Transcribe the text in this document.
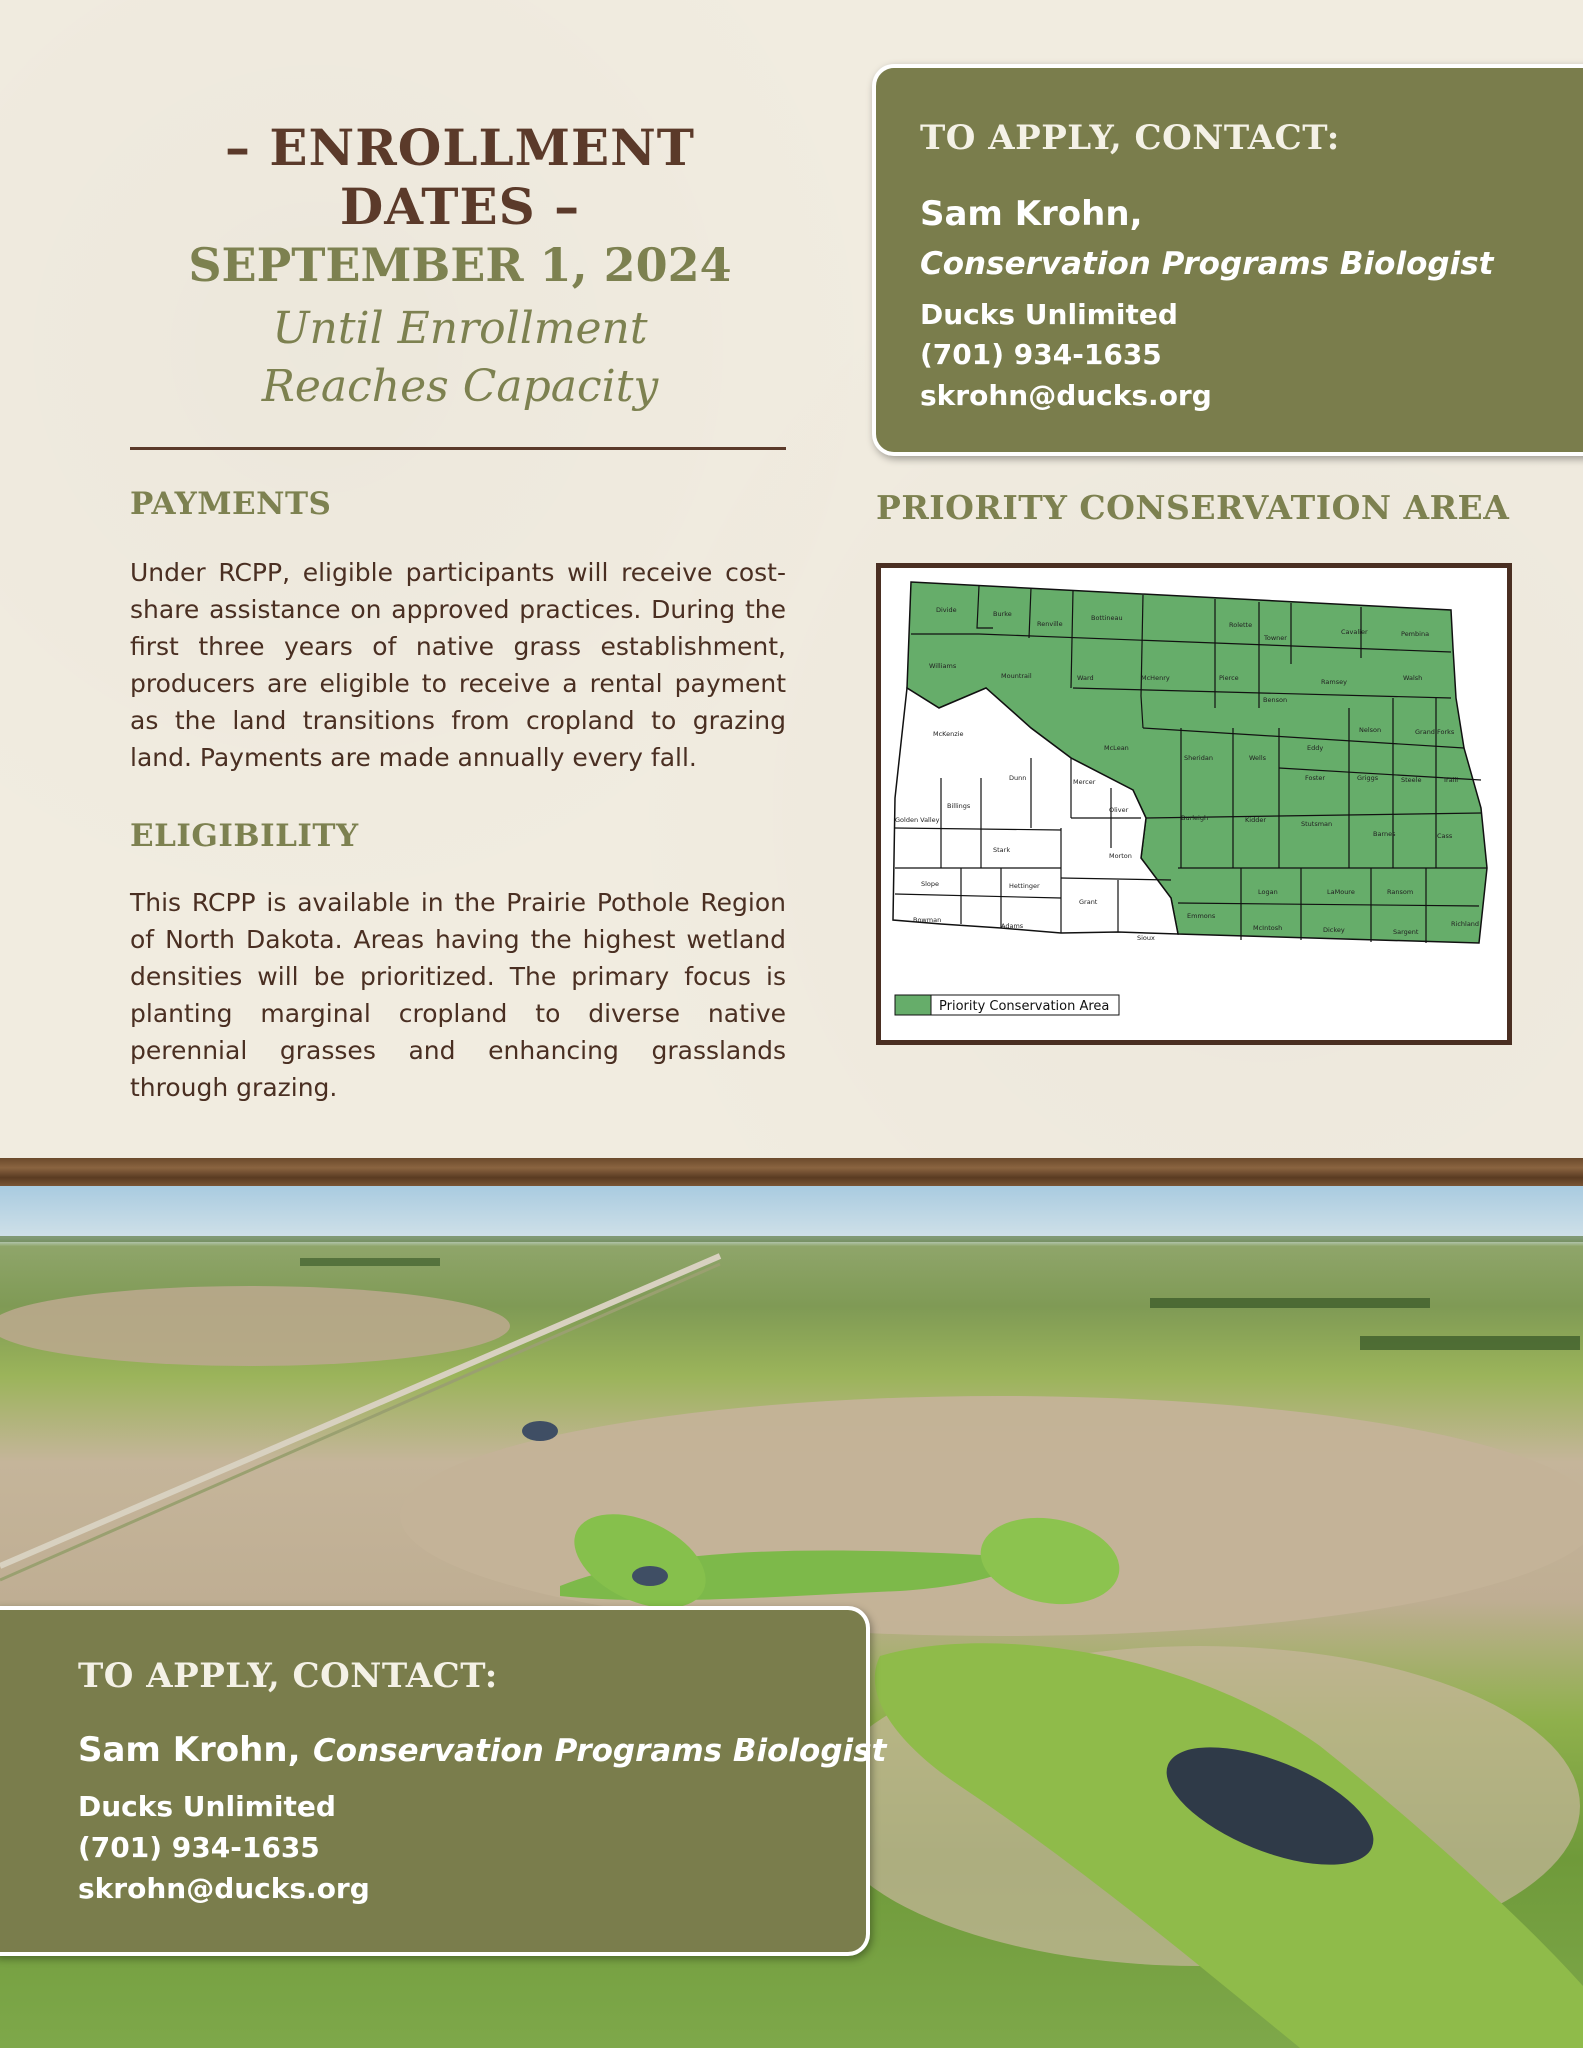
– ENROLLMENT DATES –
SEPTEMBER 1, 2024
Until Enrollment
Reaches Capacity
PAYMENTS
Under RCPP, eligible participants will receive cost-share assistance on approved practices. During the first three years of native grass establishment, producers are eligible to receive a rental payment as the land transitions from cropland to grazing land. Payments are made annually every fall.
ELIGIBILITY
This RCPP is available in the Prairie Pothole Region of North Dakota. Areas having the highest wetland densities will be prioritized. The primary focus is planting marginal cropland to diverse native perennial grasses and enhancing grasslands through grazing.
TO APPLY, CONTACT:
Sam Krohn,
Conservation Programs Biologist
Ducks Unlimited
(701) 934-1635
skrohn@ducks.org
PRIORITY CONSERVATION AREA
Divide	Burke
Renville
Bottineau
Rolette
Towner
Cavalier	Pembina
Williams
Mountrail	Ward	McHenry	Pierce
Benson
Ramsey	Walsh
McKenzie
McLean
Sheridan	Wells
Eddy
Nelson	Grand Forks
Foster	Griggs	Steele	Traill
Dunn	Mercer
Oliver
Billings
Golden Valley	Burleigh	Kidder	Stutsman
Barnes	Cass
Stark
Morton
Slope	Hettinger
Grant
Emmons
Logan	LaMoure	Ransom
Richland
Bowman
Adams
Sioux
McIntosh	Dickey	Sargent
Priority Conservation Area
TO APPLY, CONTACT:
Sam Krohn, Conservation Programs Biologist
Ducks Unlimited
(701) 934-1635
skrohn@ducks.org
